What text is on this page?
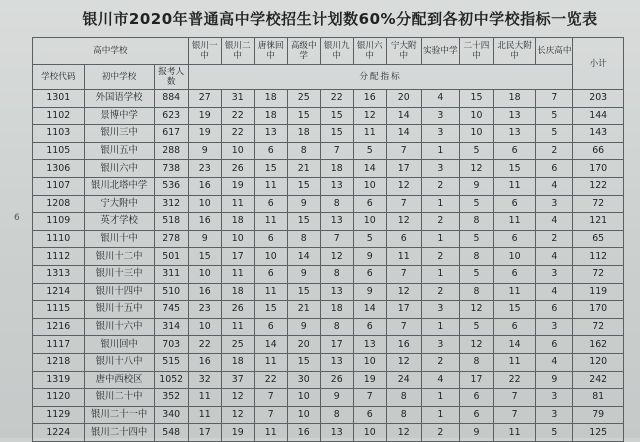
银川市2020年普通高中学校招生计划数60%分配到各初中学校指标一览表
6
高中学校			银川一中	银川二中	唐徕回中	高级中学	银川九中	银川六中	宁大附中	实验中学	二十四中	北民大附中	长庆高中	小计
学校代码	初中学校	报考人数	分配指标											
1301	外国语学校	884	27	31	18	25	22	16	20	4	15	18	7	203
1102	景博中学	623	19	22	18	15	15	12	14	3	10	13	5	144
1103	银川三中	617	19	22	13	18	15	11	14	3	10	13	5	143
1105	银川五中	288	9	10	6	8	7	5	7	1	5	6	2	66
1306	银川六中	738	23	26	15	21	18	14	17	3	12	15	6	170
1107	银川北塔中学	536	16	19	11	15	13	10	12	2	9	11	4	122
1208	宁大附中	312	10	11	6	9	8	6	7	1	5	6	3	72
1109	英才学校	518	16	18	11	15	13	10	12	2	8	11	4	121
1110	银川十中	278	9	10	6	8	7	5	6	1	5	6	2	65
1112	银川十二中	501	15	17	10	14	12	9	11	2	8	10	4	112
1313	银川十三中	311	10	11	6	9	8	6	7	1	5	6	3	72
1214	银川十四中	510	16	18	11	15	13	9	12	2	8	11	4	119
1115	银川十五中	745	23	26	15	21	18	14	17	3	12	15	6	170
1216	银川十六中	314	10	11	6	9	8	6	7	1	5	6	3	72
1117	银川回中	703	22	25	14	20	17	13	16	3	12	14	6	162
1218	银川十八中	515	16	18	11	15	13	10	12	2	8	11	4	120
1319	唐中西校区	1052	32	37	22	30	26	19	24	4	17	22	9	242
1120	银川二十中	352	11	12	7	10	9	7	8	1	6	7	3	81
1129	银川二十一中	340	11	12	7	10	8	6	8	1	6	7	3	79
1224	银川二十四中	548	17	19	11	16	13	10	12	2	9	11	5	125
